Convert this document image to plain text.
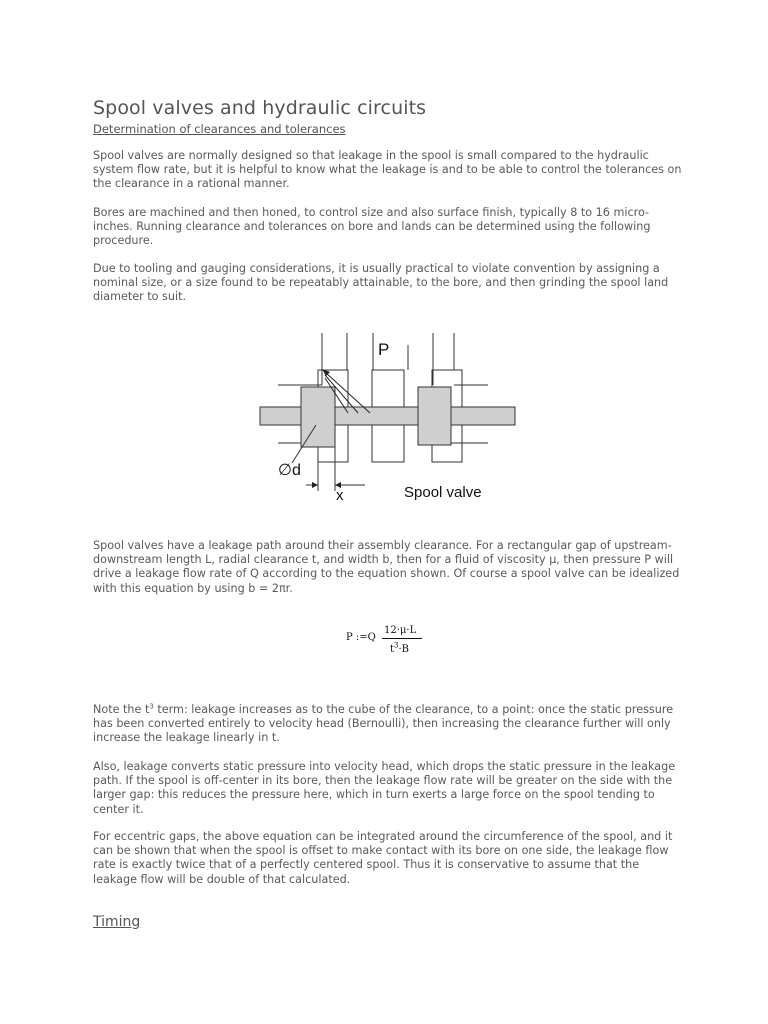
Spool valves and hydraulic circuits
Determination of clearances and tolerances

Spool valves are normally designed so that leakage in the spool is small compared to the hydraulic system flow rate, but it is helpful to know what the leakage is and to be able to control the tolerances on the clearance in a rational manner.

Bores are machined and then honed, to control size and also surface finish, typically 8 to 16 micro-inches. Running clearance and tolerances on bore and lands can be determined using the following procedure.

Due to tooling and gauging considerations, it is usually practical to violate convention by assigning a nominal size, or a size found to be repeatably attainable, to the bore, and then grinding the spool land diameter to suit.

P
∅d
x	Spool valve

Spool valves have a leakage path around their assembly clearance. For a rectangular gap of upstream-downstream length L, radial clearance t, and width b, then for a fluid of viscosity μ, then pressure P will drive a leakage flow rate of Q according to the equation shown. Of course a spool valve can be idealized with this equation by using b = 2πr.

P :=Q
12·μ·L
$t^3\cdot B$

Note the $t^3$ term: leakage increases as to the cube of the clearance, to a point: once the static pressure has been converted entirely to velocity head (Bernoulli), then increasing the clearance further will only increase the leakage linearly in t.

Also, leakage converts static pressure into velocity head, which drops the static pressure in the leakage path. If the spool is off-center in its bore, then the leakage flow rate will be greater on the side with the larger gap: this reduces the pressure here, which in turn exerts a large force on the spool tending to center it.

For eccentric gaps, the above equation can be integrated around the circumference of the spool, and it can be shown that when the spool is offset to make contact with its bore on one side, the leakage flow rate is exactly twice that of a perfectly centered spool. Thus it is conservative to assume that the leakage flow will be double of that calculated.

Timing
